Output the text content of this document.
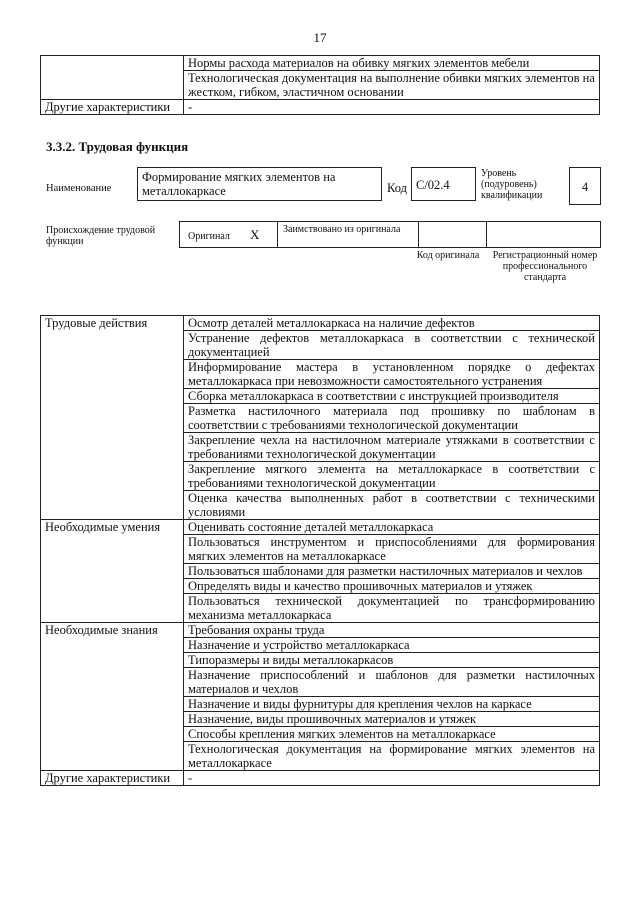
17
	Нормы расхода материалов на обивку мягких элементов мебели
	Технологическая документация на выполнение обивки мягких элементов на жестком, гибком, эластичном основании
Другие характеристики	-
3.3.2. Трудовая функция
Наименование
Формирование мягких элементов на металлокаркасе	Код С/02.4
Уровень (подуровень) квалификации
4
Происхождение трудовой функции	Оригинал X Заимствовано из оригинала
Код оригинала	Регистрационный номер профессионального стандарта
Трудовые действия	Осмотр деталей металлокаркаса на наличие дефектов
	Устранение дефектов металлокаркаса в соответствии с технической документацией
	Информирование мастера в установленном порядке о дефектах металлокаркаса при невозможности самостоятельного устранения
	Сборка металлокаркаса в соответствии с инструкцией производителя
	Разметка настилочного материала под прошивку по шаблонам в соответствии с требованиями технологической документации
	Закрепление чехла на настилочном материале утяжками в соответствии с требованиями технологической документации
	Закрепление мягкого элемента на металлокаркасе в соответствии с требованиями технологической документации
	Оценка качества выполненных работ в соответствии с техническими условиями
Необходимые умения	Оценивать состояние деталей металлокаркаса
	Пользоваться инструментом и приспособлениями для формирования мягких элементов на металлокаркасе
	Пользоваться шаблонами для разметки настилочных материалов и чехлов
	Определять виды и качество прошивочных материалов и утяжек
	Пользоваться технической документацией по трансформированию механизма металлокаркаса
Необходимые знания	Требования охраны труда
	Назначение и устройство металлокаркаса
	Типоразмеры и виды металлокаркасов
	Назначение приспособлений и шаблонов для разметки настилочных материалов и чехлов
	Назначение и виды фурнитуры для крепления чехлов на каркасе
	Назначение, виды прошивочных материалов и утяжек
	Способы крепления мягких элементов на металлокаркасе
	Технологическая документация на формирование мягких элементов на металлокаркасе
Другие характеристики	-
